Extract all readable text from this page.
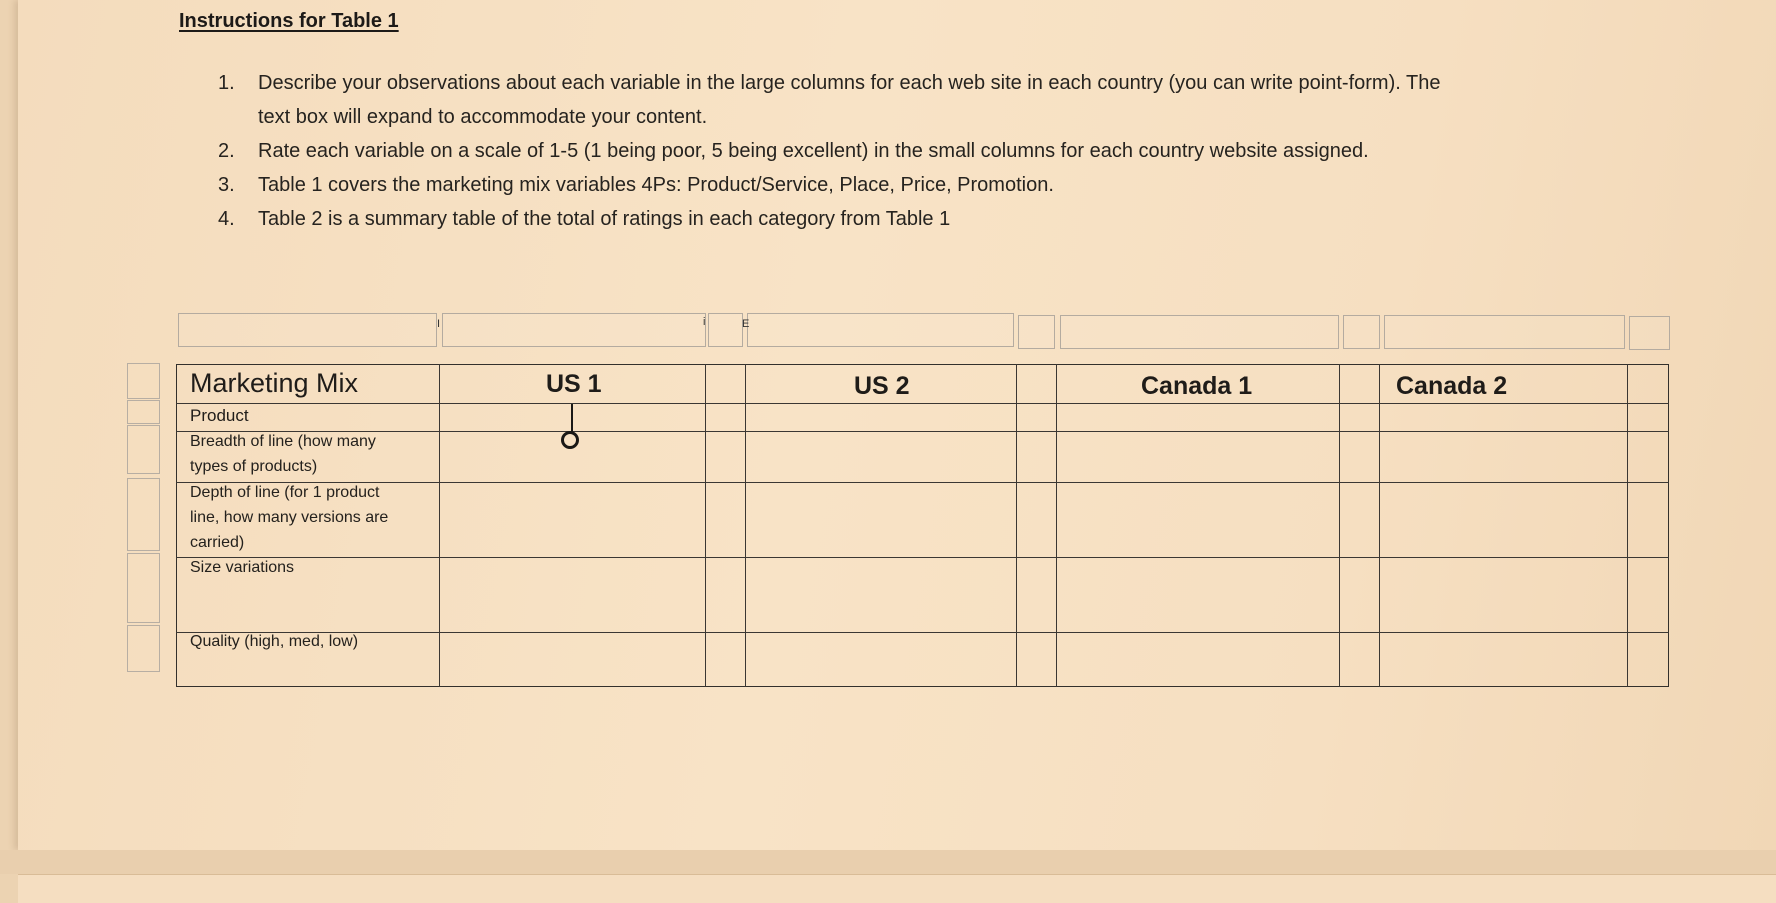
Instructions for Table 1
1. Describe your observations about each variable in the large columns for each web site in each country (you can write point-form). The
text box will expand to accommodate your content.
2. Rate each variable on a scale of 1-5 (1 being poor, 5 being excellent) in the small columns for each country website assigned.
3. Table 1 covers the marketing mix variables 4Ps: Product/Service, Place, Price, Promotion.
4. Table 2 is a summary table of the total of ratings in each category from Table 1
I	i	E
Marketing Mix	US 1	US 2	Canada 1	Canada 2
Product
Breadth of line (how many
types of products)
Depth of line (for 1 product
line, how many versions are
carried)
Size variations
Quality (high, med, low)
